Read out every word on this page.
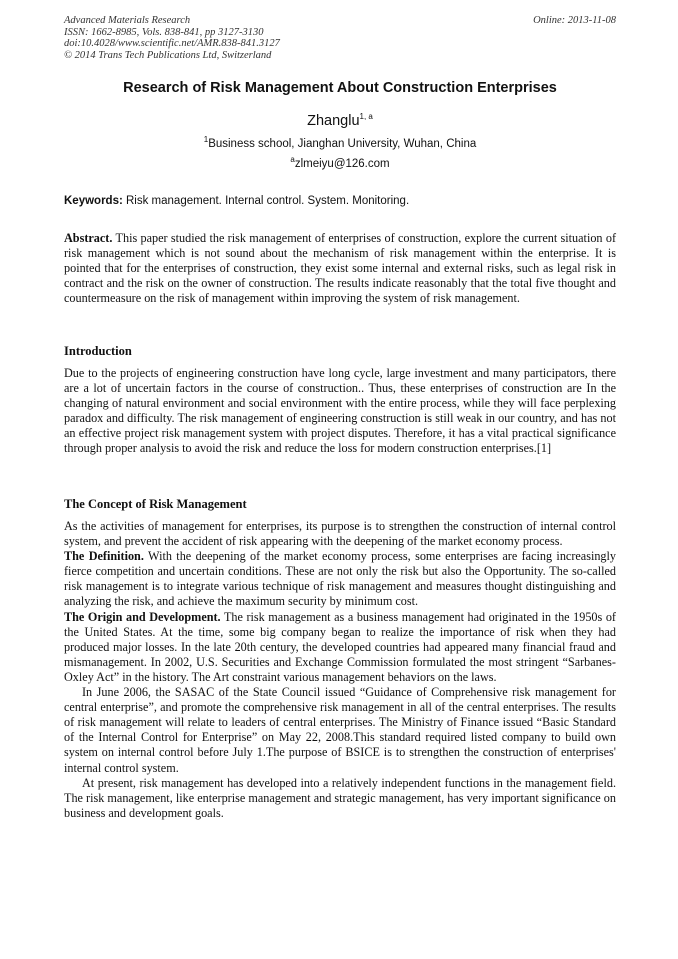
Advanced Materials Research
ISSN: 1662-8985, Vols. 838-841, pp 3127-3130
doi:10.4028/www.scientific.net/AMR.838-841.3127
© 2014 Trans Tech Publications Ltd, Switzerland
Online: 2013-11-08
Research of Risk Management About Construction Enterprises
Zhanglu$^{1, a}$
$^1$Business school, Jianghan University, Wuhan, China
$^a$zlmeiyu@126.com
Keywords: Risk management. Internal control. System. Monitoring.

Abstract. This paper studied the risk management of enterprises of construction, explore the current situation of risk management which is not sound about the mechanism of risk management within the enterprise. It is pointed that for the enterprises of construction, they exist some internal and external risks, such as legal risk in contract and the risk on the owner of construction. The results indicate reasonably that the total five thought and countermeasure on the risk of management within improving the system of risk management.

Introduction

Due to the projects of engineering construction have long cycle, large investment and many participators, there are a lot of uncertain factors in the course of construction.. Thus, these enterprises of construction are In the changing of natural environment and social environment with the entire process, while they will face perplexing paradox and difficulty. The risk management of engineering construction is still weak in our country, and has not an effective project risk management system with project disputes. Therefore, it has a vital practical significance through proper analysis to avoid the risk and reduce the loss for modern construction enterprises.[1]

The Concept of Risk Management

As the activities of management for enterprises, its purpose is to strengthen the construction of internal control system, and prevent the accident of risk appearing with the deepening of the market economy process.

The Definition. With the deepening of the market economy process, some enterprises are facing increasingly fierce competition and uncertain conditions. These are not only the risk but also the Opportunity. The so-called risk management is to integrate various technique of risk management and measures thought distinguishing and analyzing the risk, and achieve the maximum security by minimum cost.

The Origin and Development. The risk management as a business management had originated in the 1950s of the United States. At the time, some big company began to realize the importance of risk when they had produced major losses. In the late 20th century, the developed countries had appeared many financial fraud and mismanagement. In 2002, U.S. Securities and Exchange Commission formulated the most stringent “Sarbanes-Oxley Act” in the history. The Art constraint various management behaviors on the laws.

In June 2006, the SASAC of the State Council issued “Guidance of Comprehensive risk management for central enterprise”, and promote the comprehensive risk management in all of the central enterprises. The results of risk management will relate to leaders of central enterprises. The Ministry of Finance issued “Basic Standard of the Internal Control for Enterprise” on May 22, 2008.This standard required listed company to build own system on internal control before July 1.The purpose of BSICE is to strengthen the construction of enterprises' internal control system.

At present, risk management has developed into a relatively independent functions in the management field. The risk management, like enterprise management and strategic management, has very important significance on business and development goals.
